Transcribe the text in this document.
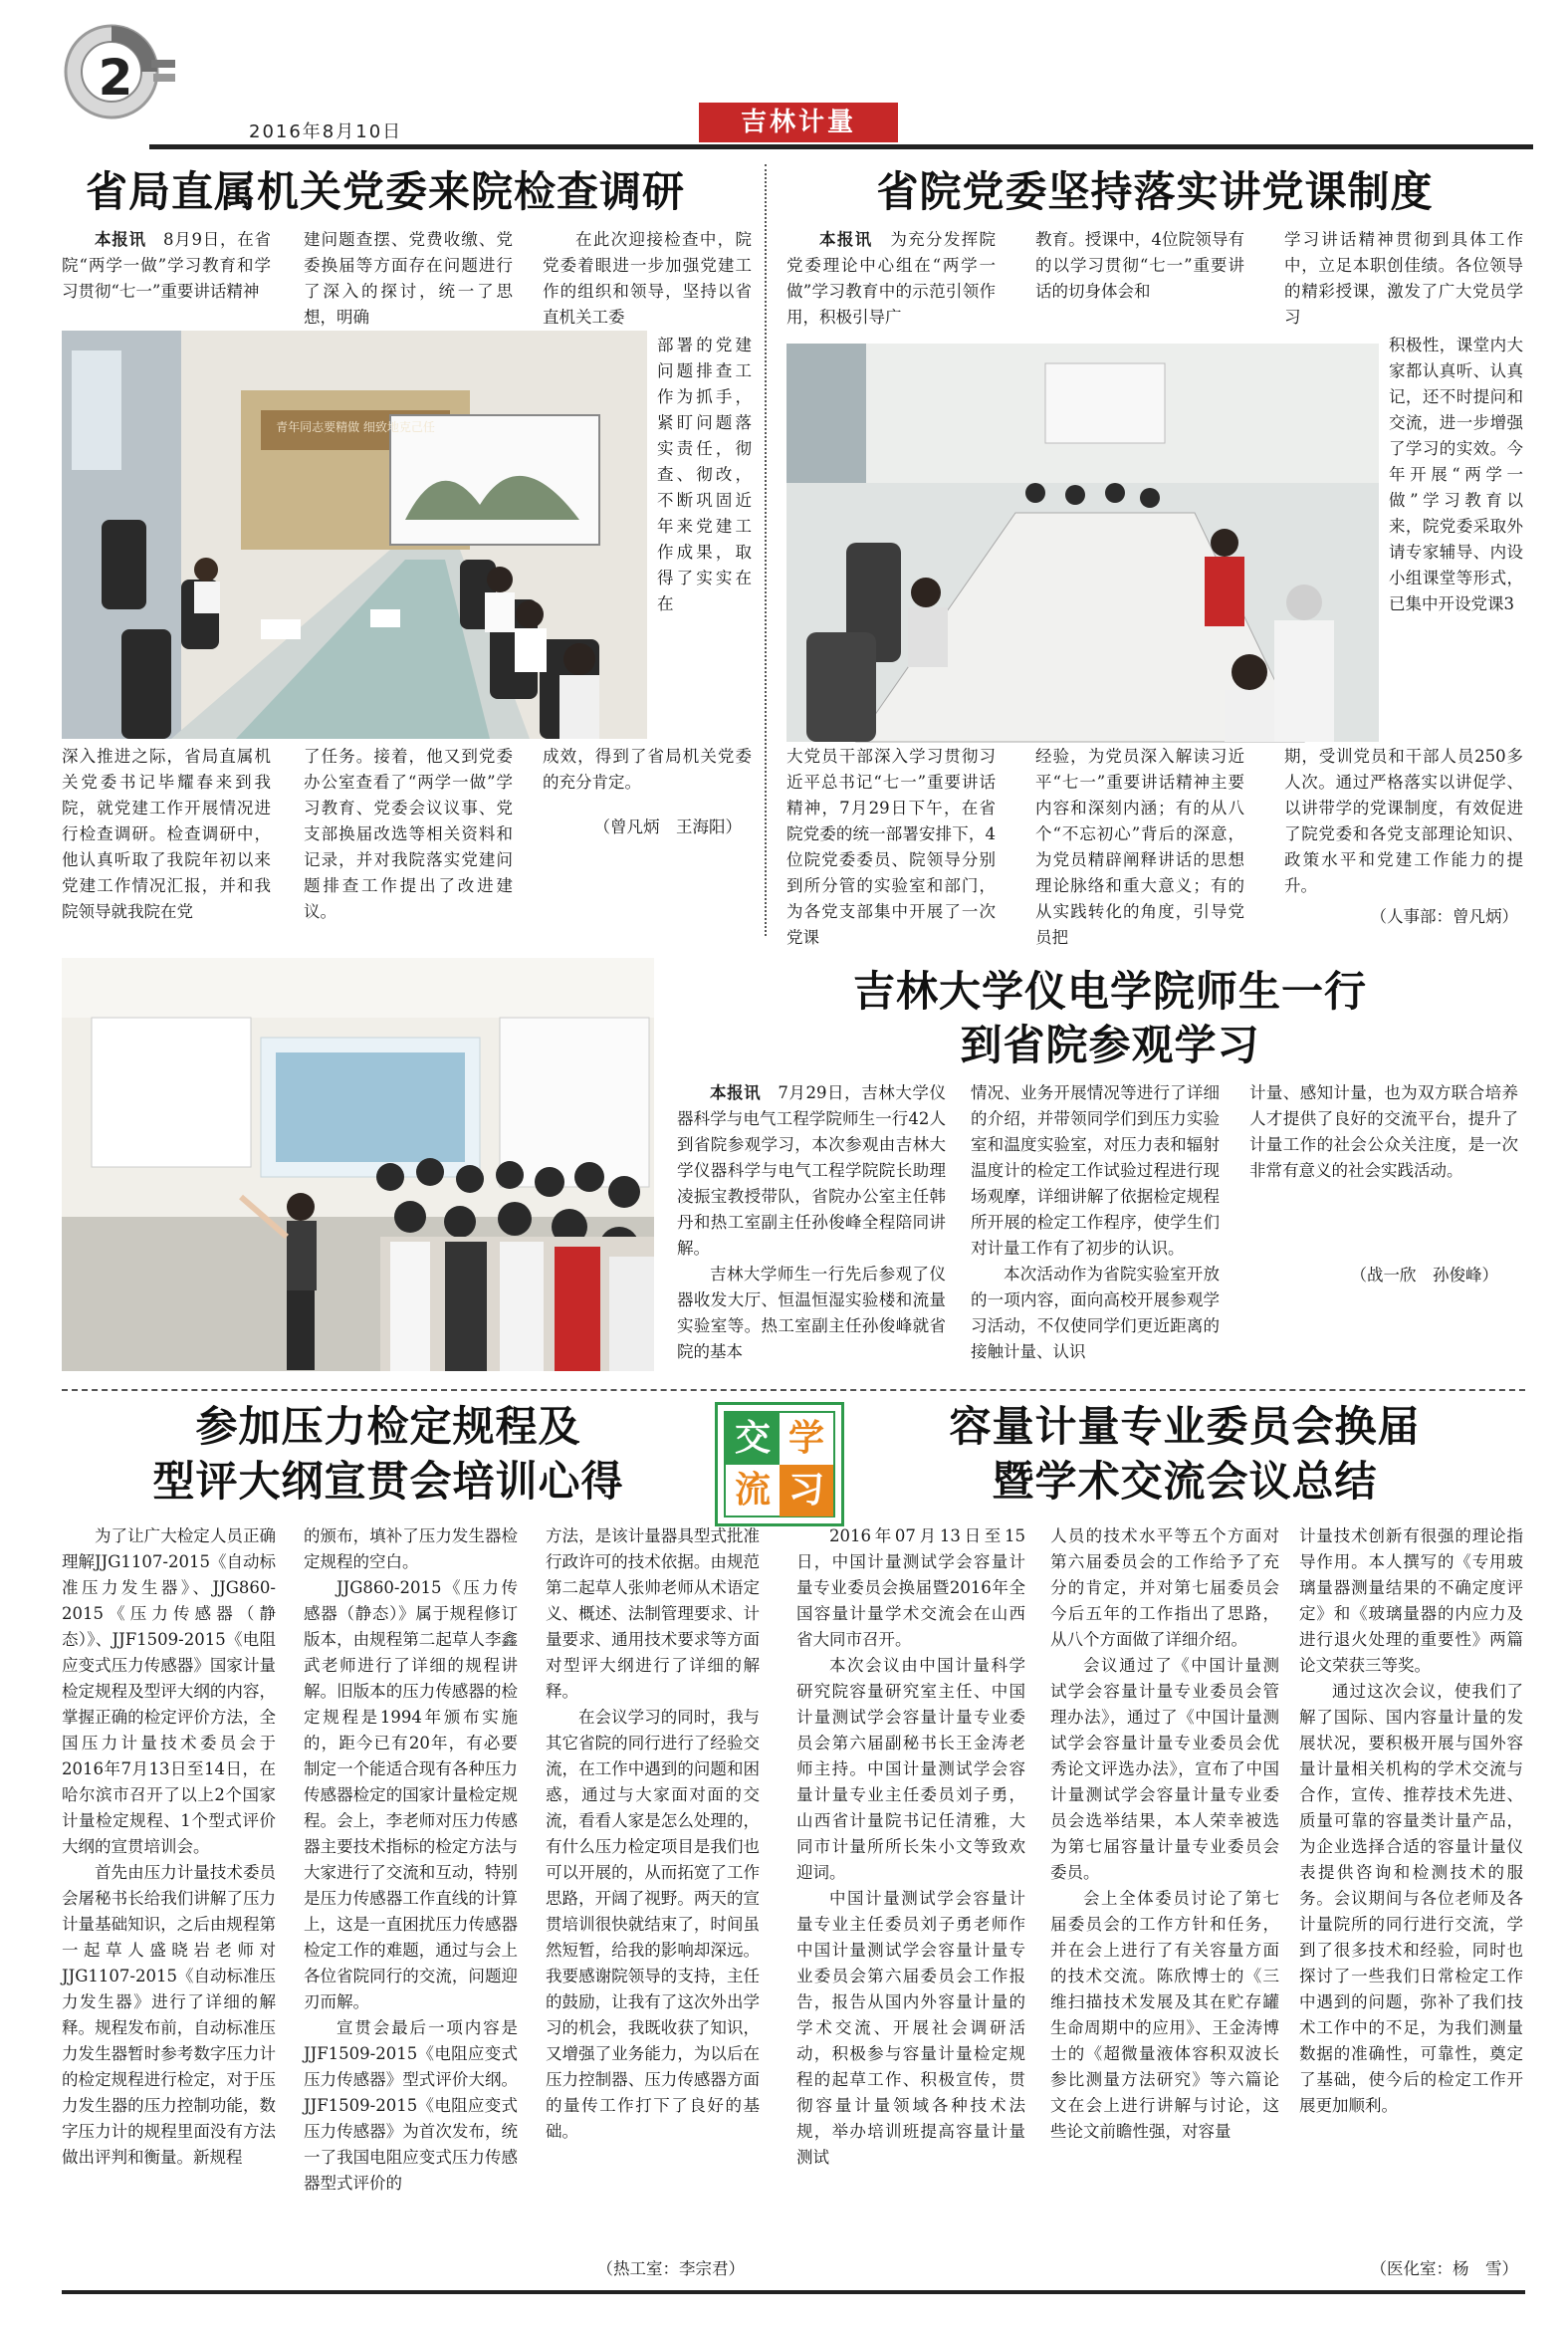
2
2016年8月10日	吉林计量
省局直属机关党委来院检查调研

本报讯　 8月9日，在省院“两学一做”学习教育和学习贯彻“七一”重要讲话精神

建问题查摆、党费收缴、党委换届等方面存在问题进行了深入的探讨，统一了思想，明确

在此次迎接检查中，院党委着眼进一步加强党建工作的组织和领导，坚持以省直机关工委

部署的党建问题排查工作为抓手，紧盯问题落实责任，彻查、彻改，不断巩固近年来党建工作成果，取得了实实在在

青年同志要精做 细致地克己任

深入推进之际，省局直属机关党委书记毕耀春来到我院，就党建工作开展情况进行检查调研。检查调研中，他认真听取了我院年初以来党建工作情况汇报，并和我院领导就我院在党

了任务。接着，他又到党委办公室查看了“两学一做”学习教育、党委会议议事、党支部换届改选等相关资料和记录，并对我院落实党建问题排查工作提出了改进建议。

成效，得到了省局机关党委的充分肯定。

（曾凡炳　王海阳）
省院党委坚持落实讲党课制度

本报讯　 为充分发挥院党委理论中心组在“两学一做”学习教育中的示范引领作用，积极引导广

教育。授课中，4位院领导有的以学习贯彻“七一”重要讲话的切身体会和

学习讲话精神贯彻到具体工作中，立足本职创佳绩。各位领导的精彩授课，激发了广大党员学习

积极性，课堂内大家都认真听、认真记，还不时提问和交流，进一步增强了学习的实效。今年开展“两学一做”学习教育以来，院党委采取外请专家辅导、内设小组课堂等形式，已集中开设党课3

大党员干部深入学习贯彻习近平总书记“七一”重要讲话精神，7月29日下午，在省院党委的统一部署安排下，4位院党委委员、院领导分别到所分管的实验室和部门，为各党支部集中开展了一次党课

经验，为党员深入解读习近平“七一”重要讲话精神主要内容和深刻内涵；有的从八个“不忘初心”背后的深意，为党员精辟阐释讲话的思想理论脉络和重大意义；有的从实践转化的角度，引导党员把

期，受训党员和干部人员250多人次。通过严格落实以讲促学、以讲带学的党课制度，有效促进了院党委和各党支部理论知识、政策水平和党建工作能力的提升。

（人事部：曾凡炳）
吉林大学仪电学院师生一行
到省院参观学习

本报讯　 7月29日，吉林大学仪器科学与电气工程学院师生一行42人到省院参观学习，本次参观由吉林大学仪器科学与电气工程学院院长助理凌振宝教授带队，省院办公室主任韩丹和热工室副主任孙俊峰全程陪同讲解。

吉林大学师生一行先后参观了仪器收发大厅、恒温恒湿实验楼和流量实验室等。热工室副主任孙俊峰就省院的基本

情况、业务开展情况等进行了详细的介绍，并带领同学们到压力实验室和温度实验室，对压力表和辐射温度计的检定工作试验过程进行现场观摩，详细讲解了依据检定规程所开展的检定工作程序，使学生们对计量工作有了初步的认识。

本次活动作为省院实验室开放的一项内容，面向高校开展参观学习活动，不仅使同学们更近距离的接触计量、认识

计量、感知计量，也为双方联合培养人才提供了良好的交流平台，提升了计量工作的社会公众关注度，是一次非常有意义的社会实践活动。

（战一欣　孙俊峰）
交 学
流 习
参加压力检定规程及
型评大纲宣贯会培训心得

为了让广大检定人员正确理解JJG1107-2015《自动标准压力发生器》、JJG860-2015《压力传感器（静态）》、JJF1509-2015《电阻应变式压力传感器》国家计量检定规程及型评大纲的内容，掌握正确的检定评价方法，全国压力计量技术委员会于2016年7月13日至14日，在哈尔滨市召开了以上2个国家计量检定规程、1个型式评价大纲的宣贯培训会。

首先由压力计量技术委员会屠秘书长给我们讲解了压力计量基础知识，之后由规程第一起草人盛晓岩老师对JJG1107-2015《自动标准压力发生器》进行了详细的解释。规程发布前，自动标准压力发生器暂时参考数字压力计的检定规程进行检定，对于压力发生器的压力控制功能，数字压力计的规程里面没有方法做出评判和衡量。新规程

的颁布，填补了压力发生器检定规程的空白。

JJG860-2015《压力传感器（静态）》属于规程修订版本，由规程第二起草人李鑫武老师进行了详细的规程讲解。旧版本的压力传感器的检定规程是1994年颁布实施的，距今已有20年，有必要制定一个能适合现有各种压力传感器检定的国家计量检定规程。会上，李老师对压力传感器主要技术指标的检定方法与大家进行了交流和互动，特别是压力传感器工作直线的计算上，这是一直困扰压力传感器检定工作的难题，通过与会上各位省院同行的交流，问题迎刃而解。

宣贯会最后一项内容是JJF1509-2015《电阻应变式压力传感器》型式评价大纲。JJF1509-2015《电阻应变式压力传感器》为首次发布，统一了我国电阻应变式压力传感器型式评价的

方法，是该计量器具型式批准行政许可的技术依据。由规范第二起草人张帅老师从术语定义、概述、法制管理要求、计量要求、通用技术要求等方面对型评大纲进行了详细的解释。

在会议学习的同时，我与其它省院的同行进行了经验交流，在工作中遇到的问题和困惑，通过与大家面对面的交流，看看人家是怎么处理的，有什么压力检定项目是我们也可以开展的，从而拓宽了工作思路，开阔了视野。两天的宣贯培训很快就结束了，时间虽然短暂，给我的影响却深远。我要感谢院领导的支持，主任的鼓励，让我有了这次外出学习的机会，我既收获了知识，又增强了业务能力，为以后在压力控制器、压力传感器方面的量传工作打下了良好的基础。

（热工室：李宗君）
容量计量专业委员会换届
暨学术交流会议总结

2016年07月13日至15日，中国计量测试学会容量计量专业委员会换届暨2016年全国容量计量学术交流会在山西省大同市召开。

本次会议由中国计量科学研究院容量研究室主任、中国计量测试学会容量计量专业委员会第六届副秘书长王金涛老师主持。中国计量测试学会容量计量专业主任委员刘子勇，山西省计量院书记任清雅，大同市计量所所长朱小文等致欢迎词。

中国计量测试学会容量计量专业主任委员刘子勇老师作中国计量测试学会容量计量专业委员会第六届委员会工作报告，报告从国内外容量计量的学术交流、开展社会调研活动，积极参与容量计量检定规程的起草工作、积极宣传，贯彻容量计量领域各种技术法规，举办培训班提高容量计量测试

人员的技术水平等五个方面对第六届委员会的工作给予了充分的肯定，并对第七届委员会今后五年的工作指出了思路，从八个方面做了详细介绍。

会议通过了《中国计量测试学会容量计量专业委员会管理办法》，通过了《中国计量测试学会容量计量专业委员会优秀论文评选办法》，宣布了中国计量测试学会容量计量专业委员会选举结果，本人荣幸被选为第七届容量计量专业委员会委员。

会上全体委员讨论了第七届委员会的工作方针和任务，并在会上进行了有关容量方面的技术交流。陈欣博士的《三维扫描技术发展及其在贮存罐生命周期中的应用》、王金涛博士的《超微量液体容积双波长参比测量方法研究》等六篇论文在会上进行讲解与讨论，这些论文前瞻性强，对容量

计量技术创新有很强的理论指导作用。本人撰写的《专用玻璃量器测量结果的不确定度评定》和《玻璃量器的内应力及进行退火处理的重要性》两篇论文荣获三等奖。

通过这次会议，使我们了解了国际、国内容量计量的发展状况，要积极开展与国外容量计量相关机构的学术交流与合作，宣传、推荐技术先进、质量可靠的容量类计量产品，为企业选择合适的容量计量仪表提供咨询和检测技术的服务。会议期间与各位老师及各计量院所的同行进行交流，学到了很多技术和经验，同时也探讨了一些我们日常检定工作中遇到的问题，弥补了我们技术工作中的不足，为我们测量数据的准确性，可靠性，奠定了基础，使今后的检定工作开展更加顺利。

（医化室：杨　雪）
